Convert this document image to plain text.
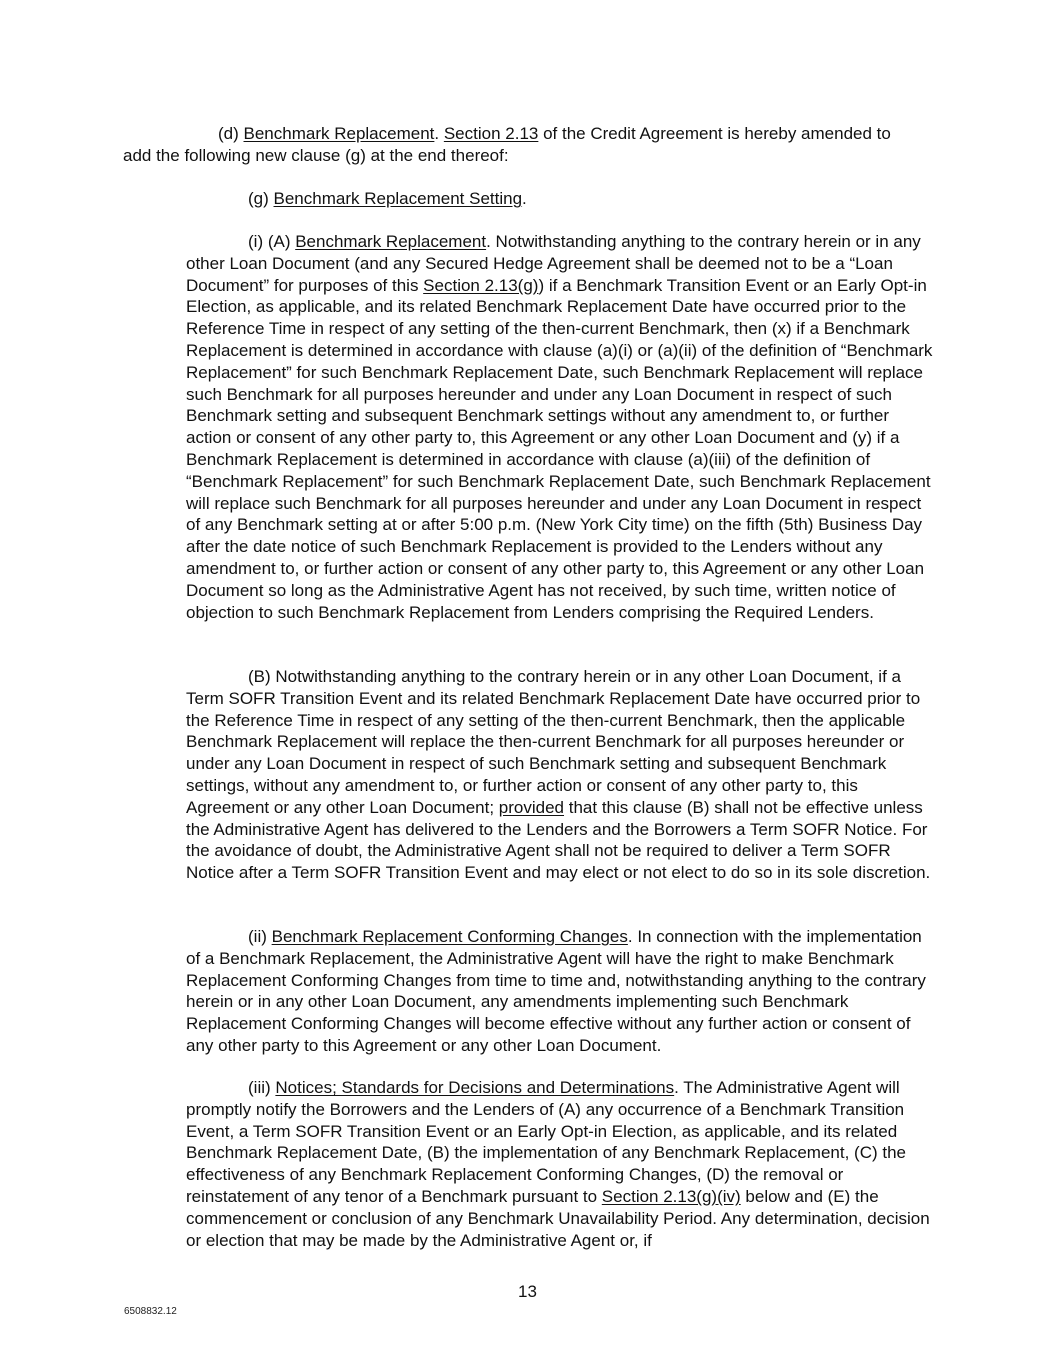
(d) Benchmark Replacement. Section 2.13 of the Credit Agreement is hereby amended to add the following new clause (g) at the end thereof:

(g) Benchmark Replacement Setting.

(i) (A) Benchmark Replacement. Notwithstanding anything to the contrary herein or in any other Loan Document (and any Secured Hedge Agreement shall be deemed not to be a “Loan Document” for purposes of this Section 2.13(g)) if a Benchmark Transition Event or an Early Opt-in Election, as applicable, and its related Benchmark Replacement Date have occurred prior to the Reference Time in respect of any setting of the then-current Benchmark, then (x) if a Benchmark Replacement is determined in accordance with clause (a)(i) or (a)(ii) of the definition of “Benchmark Replacement” for such Benchmark Replacement Date, such Benchmark Replacement will replace such Benchmark for all purposes hereunder and under any Loan Document in respect of such Benchmark setting and subsequent Benchmark settings without any amendment to, or further action or consent of any other party to, this Agreement or any other Loan Document and (y) if a Benchmark Replacement is determined in accordance with clause (a)(iii) of the definition of “Benchmark Replacement” for such Benchmark Replacement Date, such Benchmark Replacement will replace such Benchmark for all purposes hereunder and under any Loan Document in respect of any Benchmark setting at or after 5:00 p.m. (New York City time) on the fifth (5th) Business Day after the date notice of such Benchmark Replacement is provided to the Lenders without any amendment to, or further action or consent of any other party to, this Agreement or any other Loan Document so long as the Administrative Agent has not received, by such time, written notice of objection to such Benchmark Replacement from Lenders comprising the Required Lenders.

(B) Notwithstanding anything to the contrary herein or in any other Loan Document, if a Term SOFR Transition Event and its related Benchmark Replacement Date have occurred prior to the Reference Time in respect of any setting of the then-current Benchmark, then the applicable Benchmark Replacement will replace the then-current Benchmark for all purposes hereunder or under any Loan Document in respect of such Benchmark setting and subsequent Benchmark settings, without any amendment to, or further action or consent of any other party to, this Agreement or any other Loan Document; provided that this clause (B) shall not be effective unless the Administrative Agent has delivered to the Lenders and the Borrowers a Term SOFR Notice. For the avoidance of doubt, the Administrative Agent shall not be required to deliver a Term SOFR Notice after a Term SOFR Transition Event and may elect or not elect to do so in its sole discretion.

(ii) Benchmark Replacement Conforming Changes. In connection with the implementation of a Benchmark Replacement, the Administrative Agent will have the right to make Benchmark Replacement Conforming Changes from time to time and, notwithstanding anything to the contrary herein or in any other Loan Document, any amendments implementing such Benchmark Replacement Conforming Changes will become effective without any further action or consent of any other party to this Agreement or any other Loan Document.

(iii) Notices; Standards for Decisions and Determinations. The Administrative Agent will promptly notify the Borrowers and the Lenders of (A) any occurrence of a Benchmark Transition Event, a Term SOFR Transition Event or an Early Opt-in Election, as applicable, and its related Benchmark Replacement Date, (B) the implementation of any Benchmark Replacement, (C) the effectiveness of any Benchmark Replacement Conforming Changes, (D) the removal or reinstatement of any tenor of a Benchmark pursuant to Section 2.13(g)(iv) below and (E) the commencement or conclusion of any Benchmark Unavailability Period. Any determination, decision or election that may be made by the Administrative Agent or, if

13
6508832.12
